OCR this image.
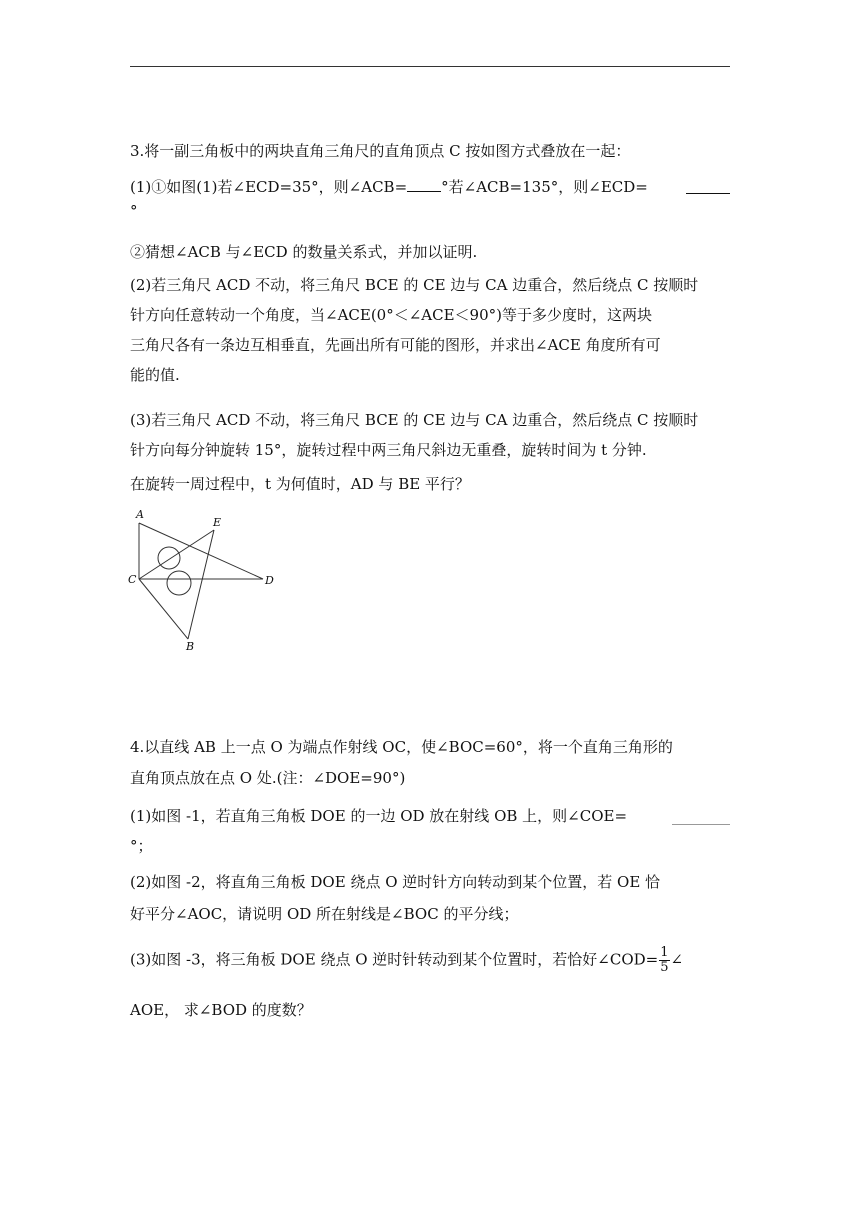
3.将一副三角板中的两块直角三角尺的直角顶点 C 按如图方式叠放在一起：
(1)①如图(1)若∠ECD=35°，则∠ACB= °若∠ACB=135°，则∠ECD=
°
②猜想∠ACB 与∠ECD 的数量关系式，并加以证明.
(2)若三角尺 ACD 不动，将三角尺 BCE 的 CE 边与 CA 边重合，然后绕点 C 按顺时
针方向任意转动一个角度，当∠ACE(0°＜∠ACE＜90°)等于多少度时，这两块
三角尺各有一条边互相垂直，先画出所有可能的图形，并求出∠ACE 角度所有可
能的值.
(3)若三角尺 ACD 不动，将三角尺 BCE 的 CE 边与 CA 边重合，然后绕点 C 按顺时
针方向每分钟旋转 15°，旋转过程中两三角尺斜边无重叠，旋转时间为 t 分钟.
在旋转一周过程中，t 为何值时，AD 与 BE 平行？
A
E
C	D
B
4.以直线 AB 上一点 O 为端点作射线 OC，使∠BOC=60°，将一个直角三角形的
直角顶点放在点 O 处.(注：∠DOE=90°)
(1)如图 -1，若直角三角板 DOE 的一边 OD 放在射线 OB 上，则∠COE=
°；
(2)如图 -2，将直角三角板 DOE 绕点 O 逆时针方向转动到某个位置，若 OE 恰
好平分∠AOC，请说明 OD 所在射线是∠BOC 的平分线；
(3)如图 -3，将三角板 DOE 绕点 O 逆时针转动到某个位置时，若恰好∠COD= $\frac{1}{5}$ ∠
AOE， 求∠BOD 的度数？
